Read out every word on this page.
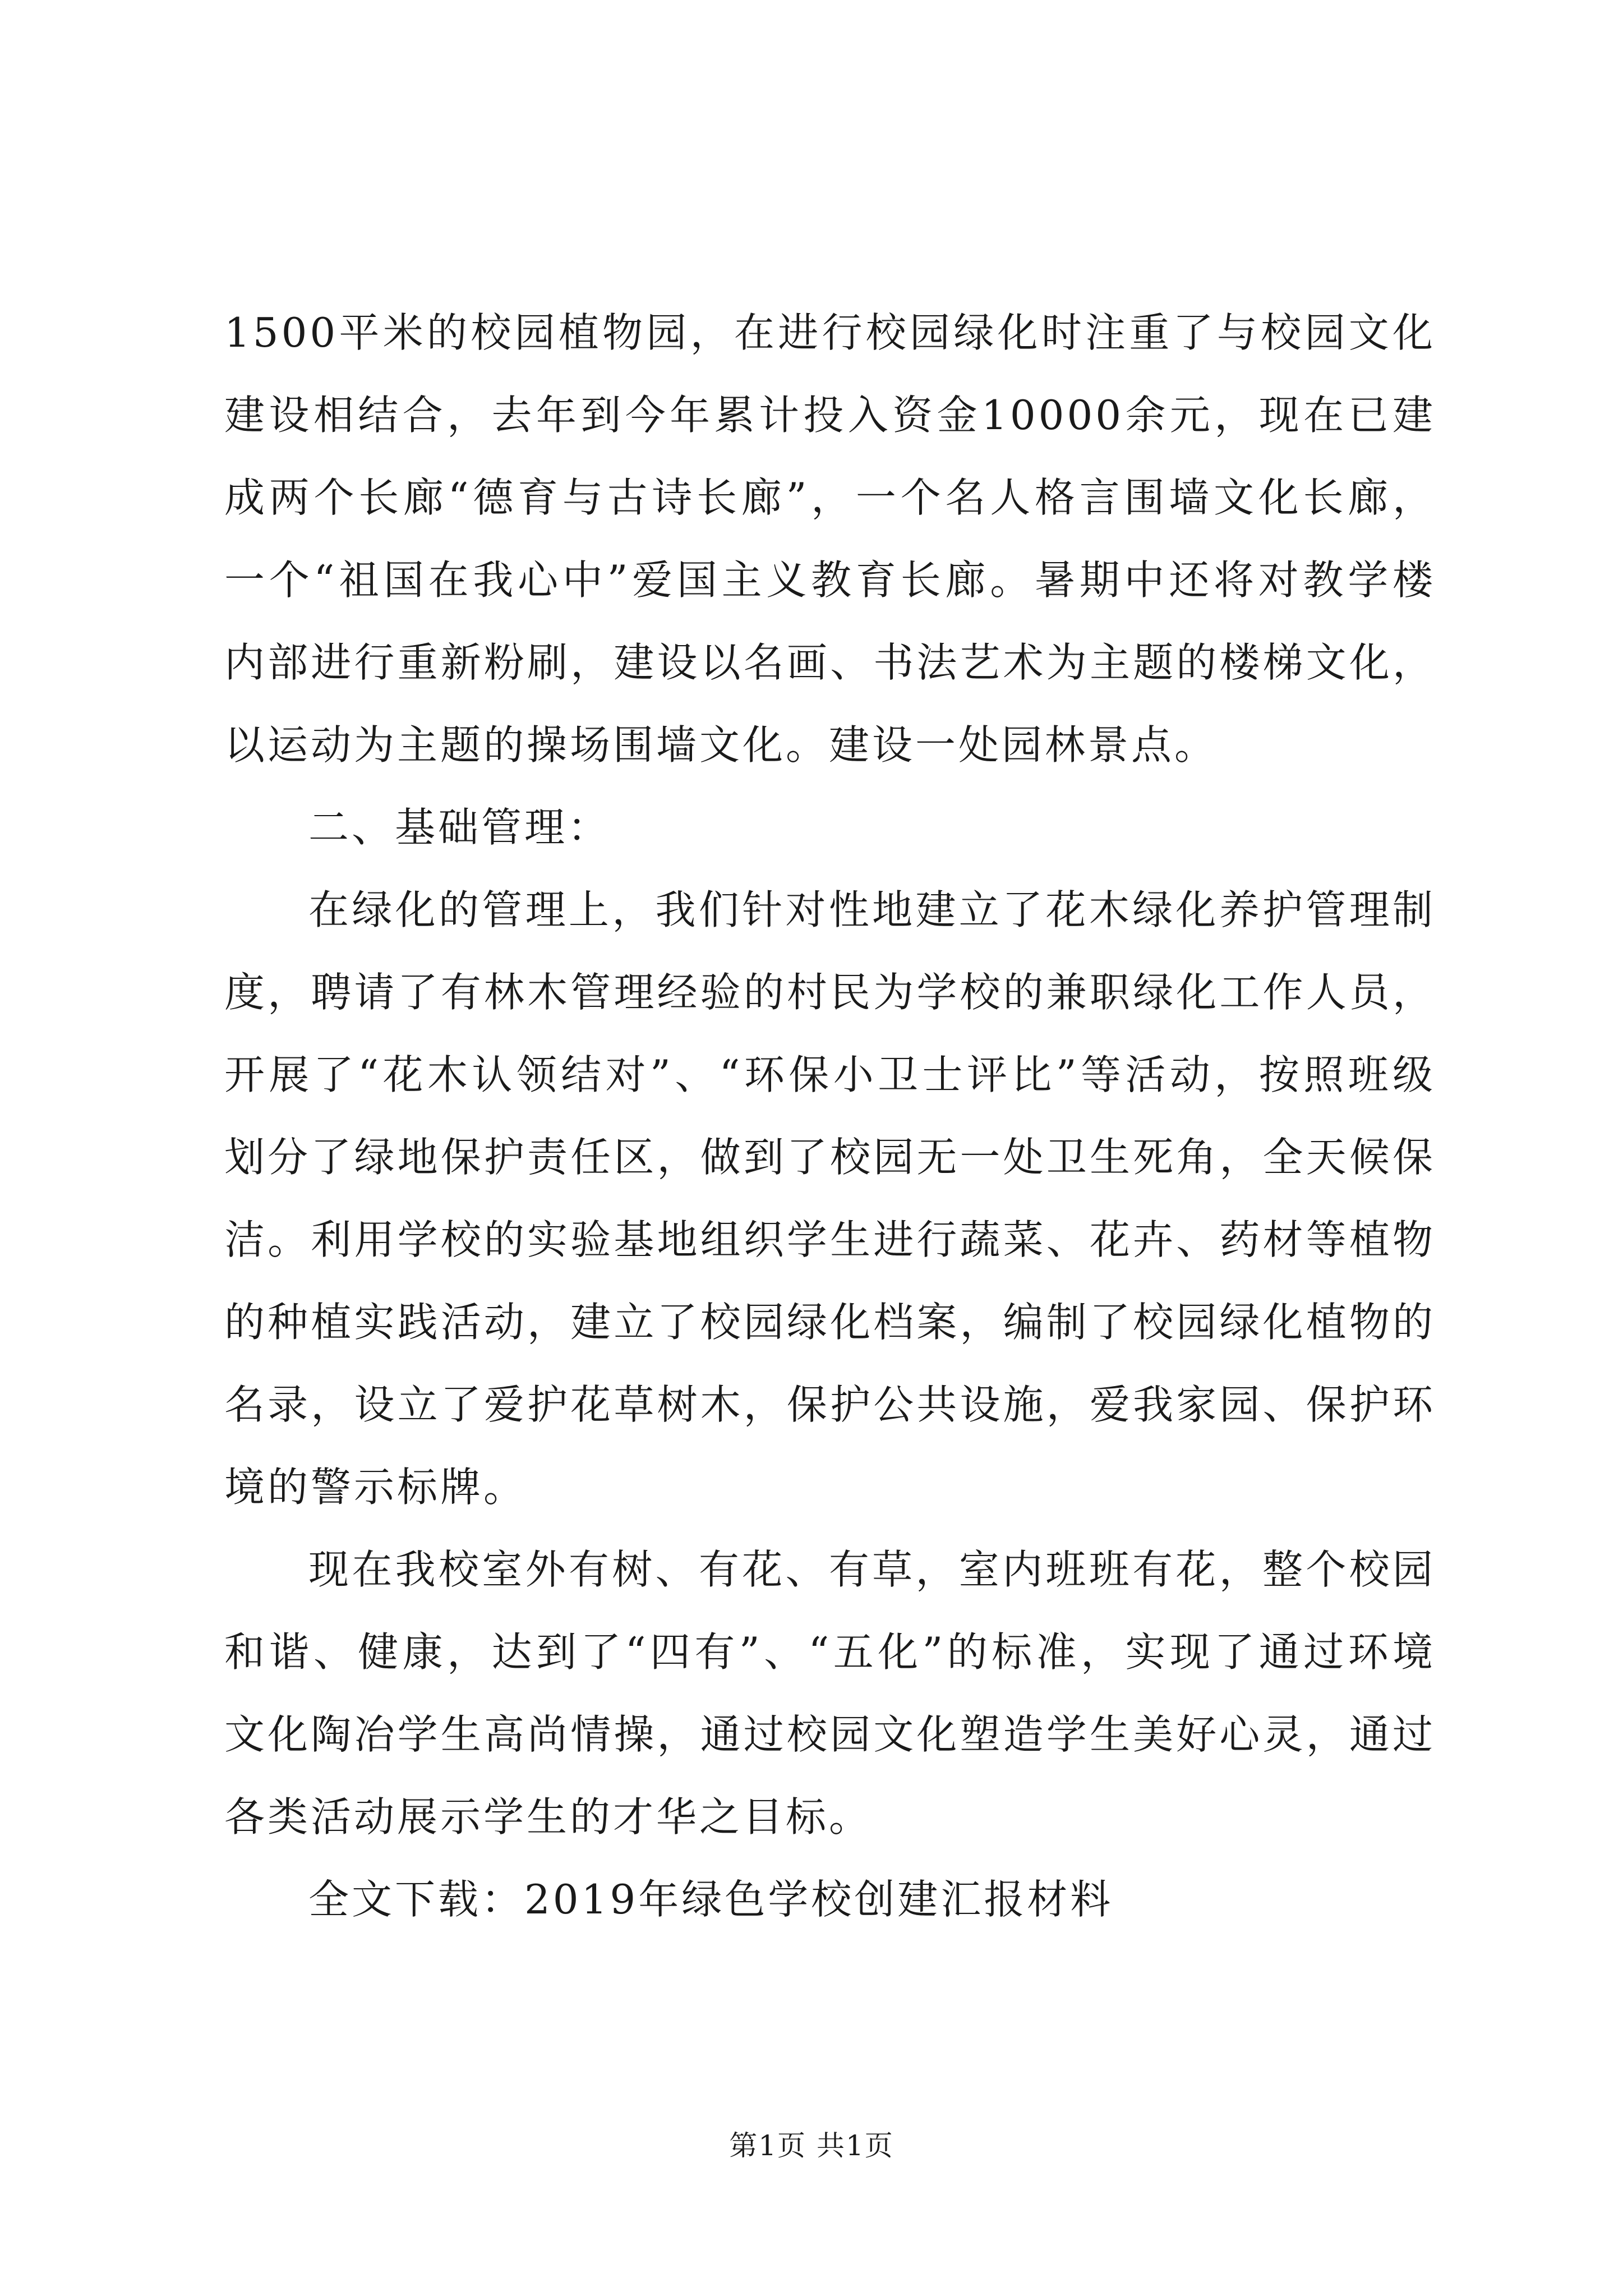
1500平米的校园植物园，在进行校园绿化时注重了与校园文化建设相结合，去年到今年累计投入资金10000余元，现在已建成两个长廊“德育与古诗长廊”，一个名人格言围墙文化长廊，一个“祖国在我心中”爱国主义教育长廊。暑期中还将对教学楼内部进行重新粉刷，建设以名画、书法艺术为主题的楼梯文化，以运动为主题的操场围墙文化。建设一处园林景点。

二、基础管理：

在绿化的管理上，我们针对性地建立了花木绿化养护管理制度，聘请了有林木管理经验的村民为学校的兼职绿化工作人员，开展了“花木认领结对”、“环保小卫士评比”等活动，按照班级划分了绿地保护责任区，做到了校园无一处卫生死角，全天候保洁。利用学校的实验基地组织学生进行蔬菜、花卉、药材等植物的种植实践活动，建立了校园绿化档案，编制了校园绿化植物的名录，设立了爱护花草树木，保护公共设施，爱我家园、保护环境的警示标牌。

现在我校室外有树、有花、有草，室内班班有花，整个校园和谐、健康，达到了“四有”、“五化”的标准，实现了通过环境文化陶冶学生高尚情操，通过校园文化塑造学生美好心灵，通过各类活动展示学生的才华之目标。

全文下载：2019年绿色学校创建汇报材料

第1页 共1页
